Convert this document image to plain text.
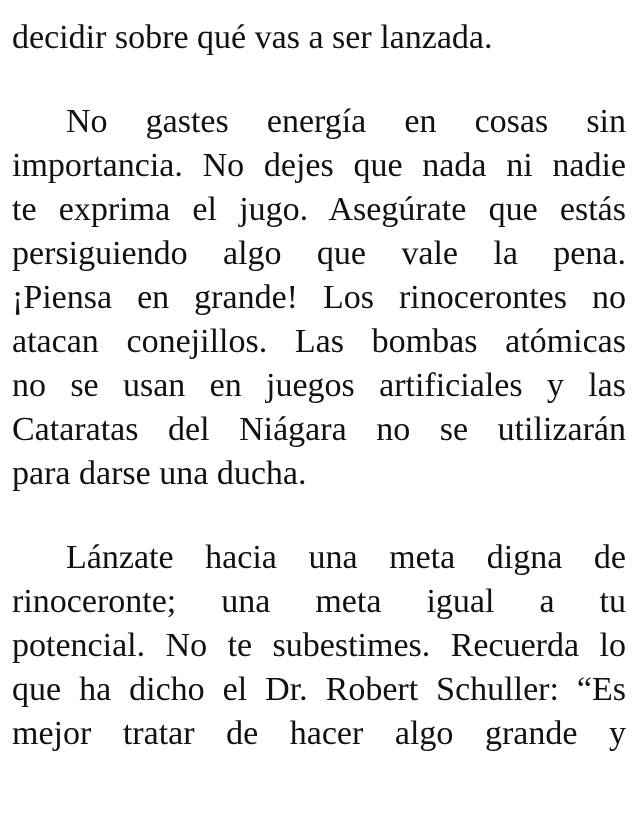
decidir sobre qué vas a ser lanzada.
No gastes energía en cosas sin
importancia. No dejes que nada ni nadie
te exprima el jugo. Asegúrate que estás
persiguiendo algo que vale la pena.
¡Piensa en grande! Los rinocerontes no
atacan conejillos. Las bombas atómicas
no se usan en juegos artificiales y las
Cataratas del Niágara no se utilizarán
para darse una ducha.
Lánzate hacia una meta digna de
rinoceronte; una meta igual a tu
potencial. No te subestimes. Recuerda lo
que ha dicho el Dr. Robert Schuller: “Es
mejor tratar de hacer algo grande y
